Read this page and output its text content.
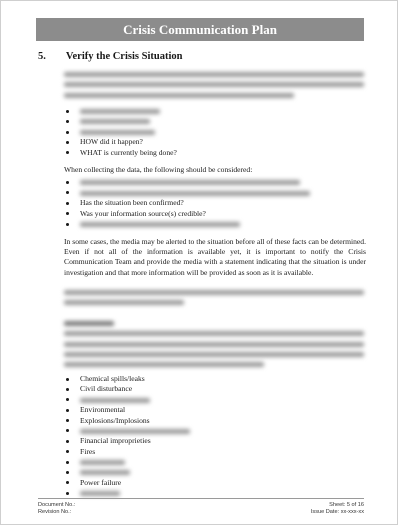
Crisis Communication Plan
5. Verify the Crisis Situation

HOW did it happen?
WHAT is currently being done?

When collecting the data, the following should be considered:

Has the situation been confirmed?
Was your information source(s) credible?

In some cases, the media may be alerted to the situation before all of these facts can be determined. Even if not all of the information is available yet, it is important to notify the Crisis Communication Team and provide the media with a statement indicating that the situation is under investigation and that more information will be provided as soon as it is available.

Chemical spills/leaks
Civil disturbance
Environmental
Explosions/Implosions
Financial improprieties
Fires
Power failure
Document No.:
Revision No.:
Sheet: 5 of 16
Issue Date: xx-xxx-xx
